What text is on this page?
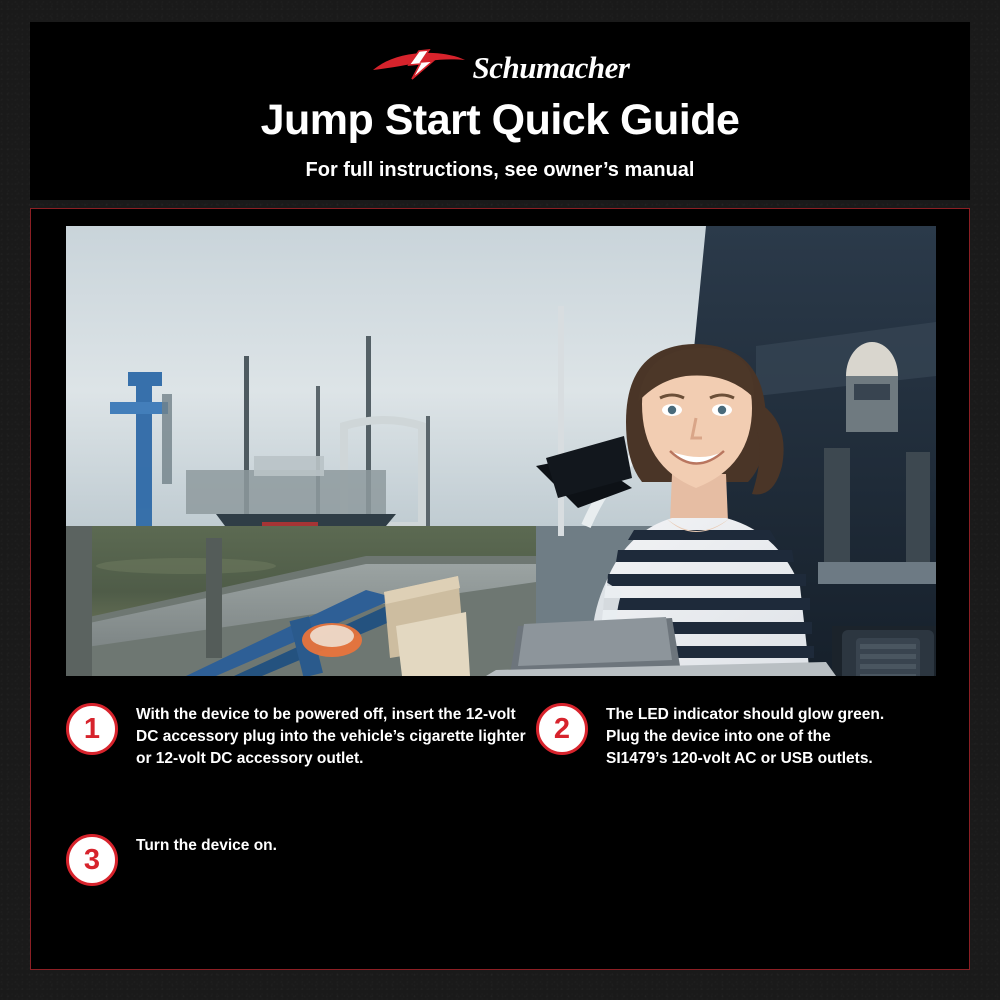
Schumacher
Jump Start Quick Guide
For full instructions, see owner’s manual
1	With the device to be powered off, insert the 12-volt
DC accessory plug into the vehicle’s cigarette lighter
or 12-volt DC accessory outlet.
2	The LED indicator should glow green.
Plug the device into one of the
SI1479’s 120-volt AC or USB outlets.
3	Turn the device on.
